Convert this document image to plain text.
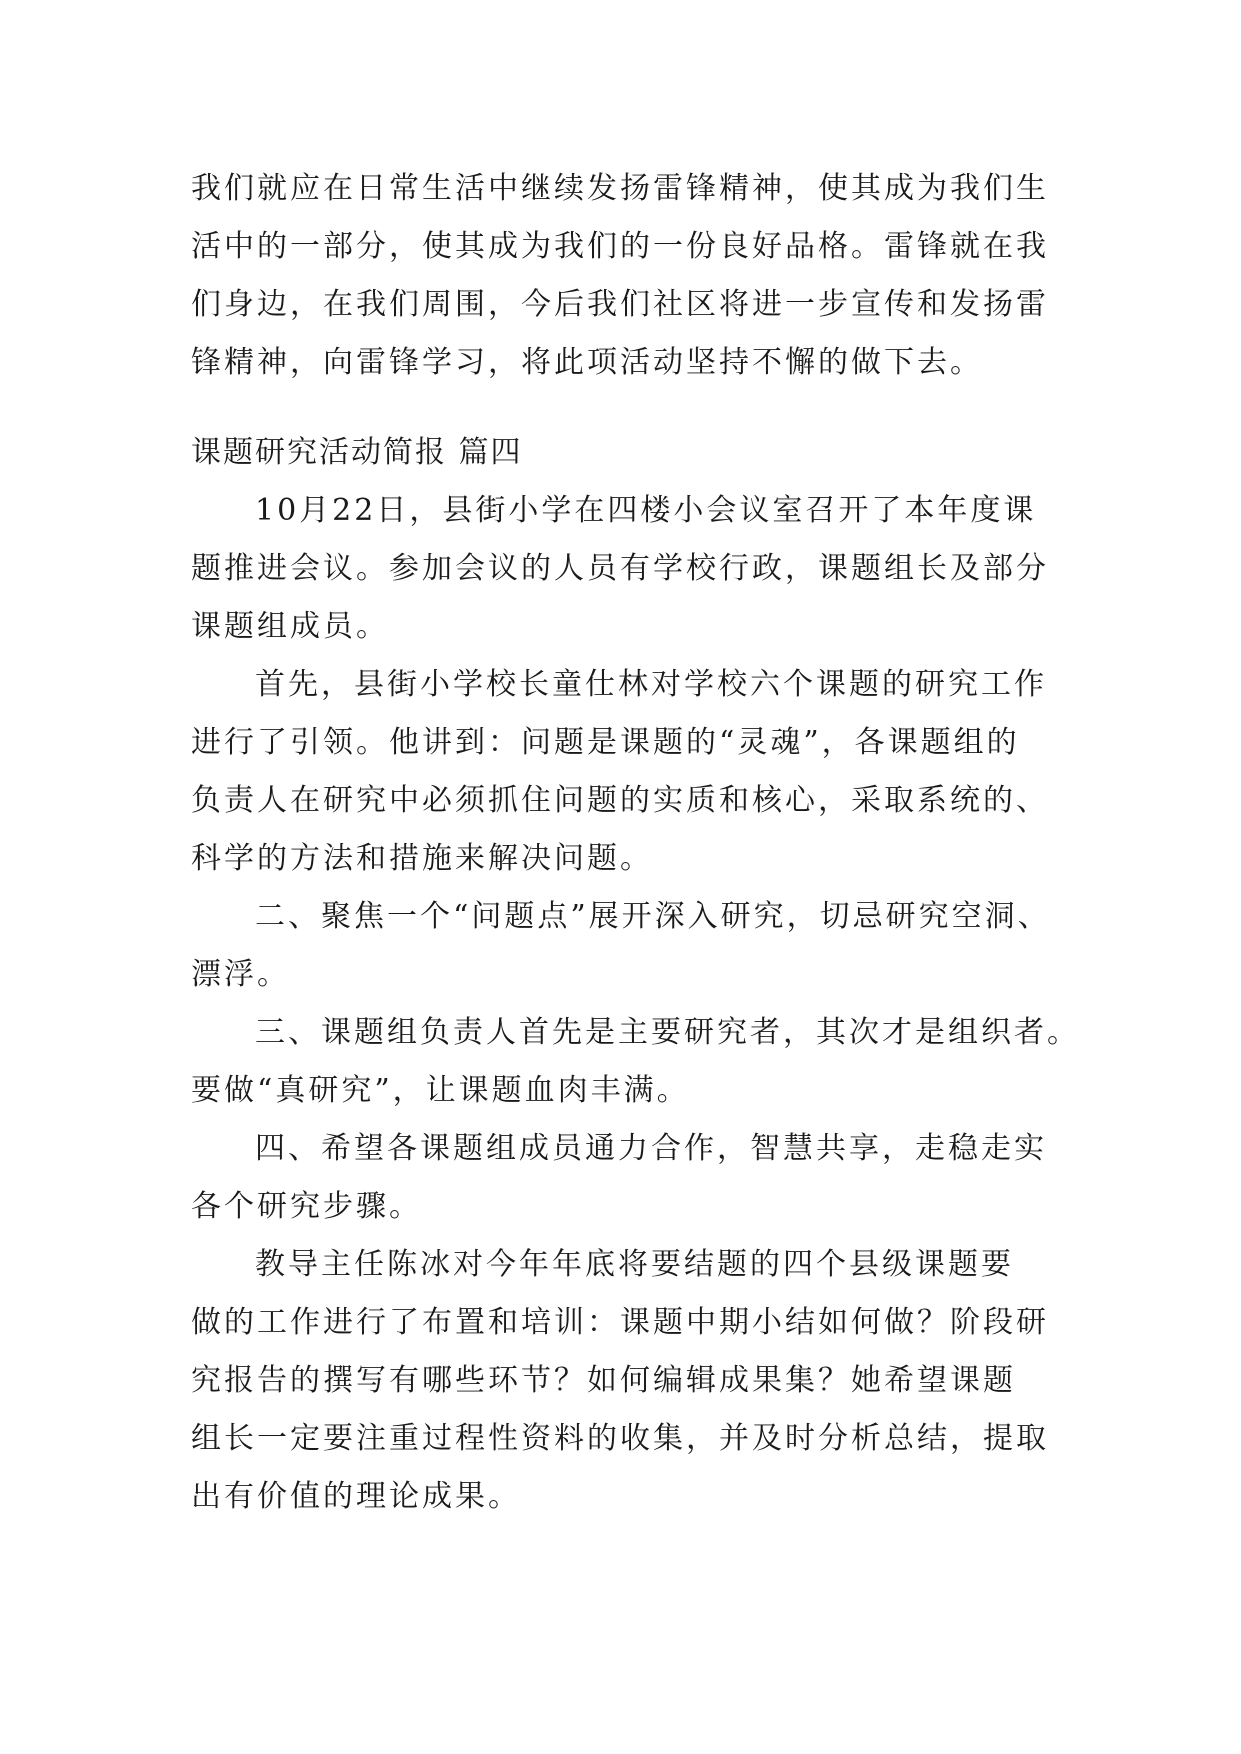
我们就应在日常生活中继续发扬雷锋精神，使其成为我们生
活中的一部分，使其成为我们的一份良好品格。雷锋就在我
们身边，在我们周围，今后我们社区将进一步宣传和发扬雷
锋精神，向雷锋学习，将此项活动坚持不懈的做下去。
课题研究活动简报 篇四
10月22日，县街小学在四楼小会议室召开了本年度课
题推进会议。参加会议的人员有学校行政，课题组长及部分
课题组成员。
首先，县街小学校长童仕林对学校六个课题的研究工作
进行了引领。他讲到：问题是课题的“灵魂”，各课题组的
负责人在研究中必须抓住问题的实质和核心，采取系统的、
科学的方法和措施来解决问题。
二、聚焦一个“问题点”展开深入研究，切忌研究空洞、
漂浮。
三、课题组负责人首先是主要研究者，其次才是组织者。
要做“真研究”，让课题血肉丰满。
四、希望各课题组成员通力合作，智慧共享，走稳走实
各个研究步骤。
教导主任陈冰对今年年底将要结题的四个县级课题要
做的工作进行了布置和培训：课题中期小结如何做？阶段研
究报告的撰写有哪些环节？如何编辑成果集？她希望课题
组长一定要注重过程性资料的收集，并及时分析总结，提取
出有价值的理论成果。
